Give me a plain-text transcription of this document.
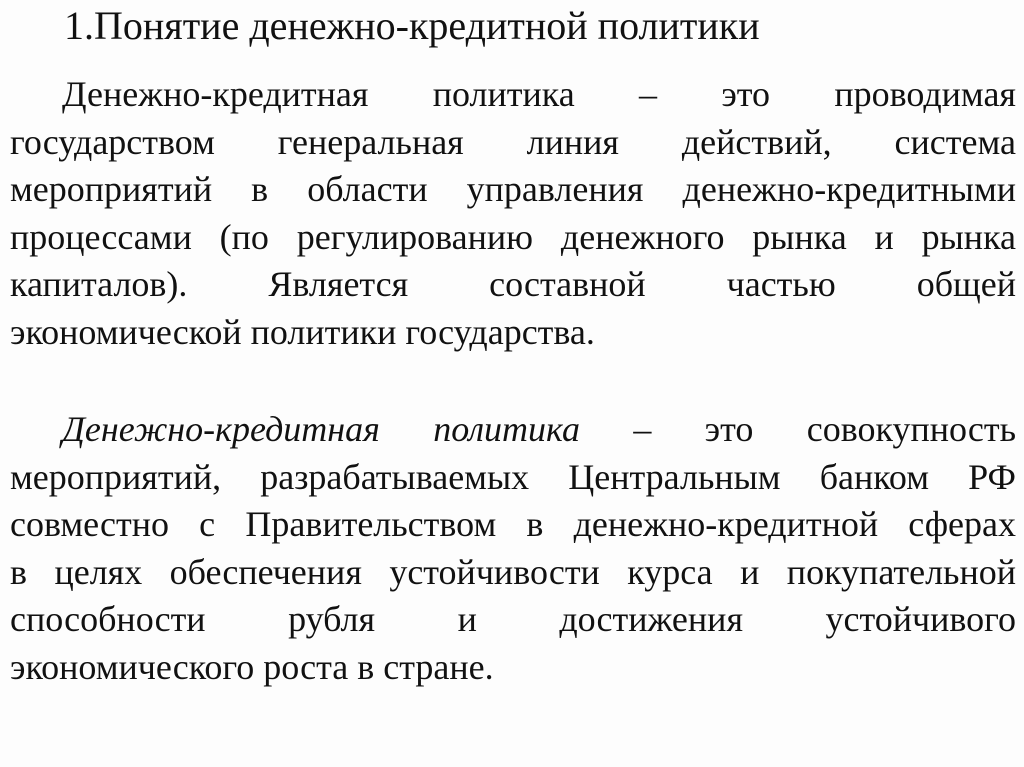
1.Понятие денежно-кредитной политики
Денежно-кредитная политика – это проводимая
государством генеральная линия действий, система
мероприятий в области управления денежно-кредитными
процессами (по регулированию денежного рынка и рынка
капиталов). Является составной частью общей
экономической политики государства.
Денежно-кредитная политика – это совокупность
мероприятий, разрабатываемых Центральным банком РФ
совместно с Правительством в денежно-кредитной сферах
в целях обеспечения устойчивости курса и покупательной
способности рубля и достижения устойчивого
экономического роста в стране.
